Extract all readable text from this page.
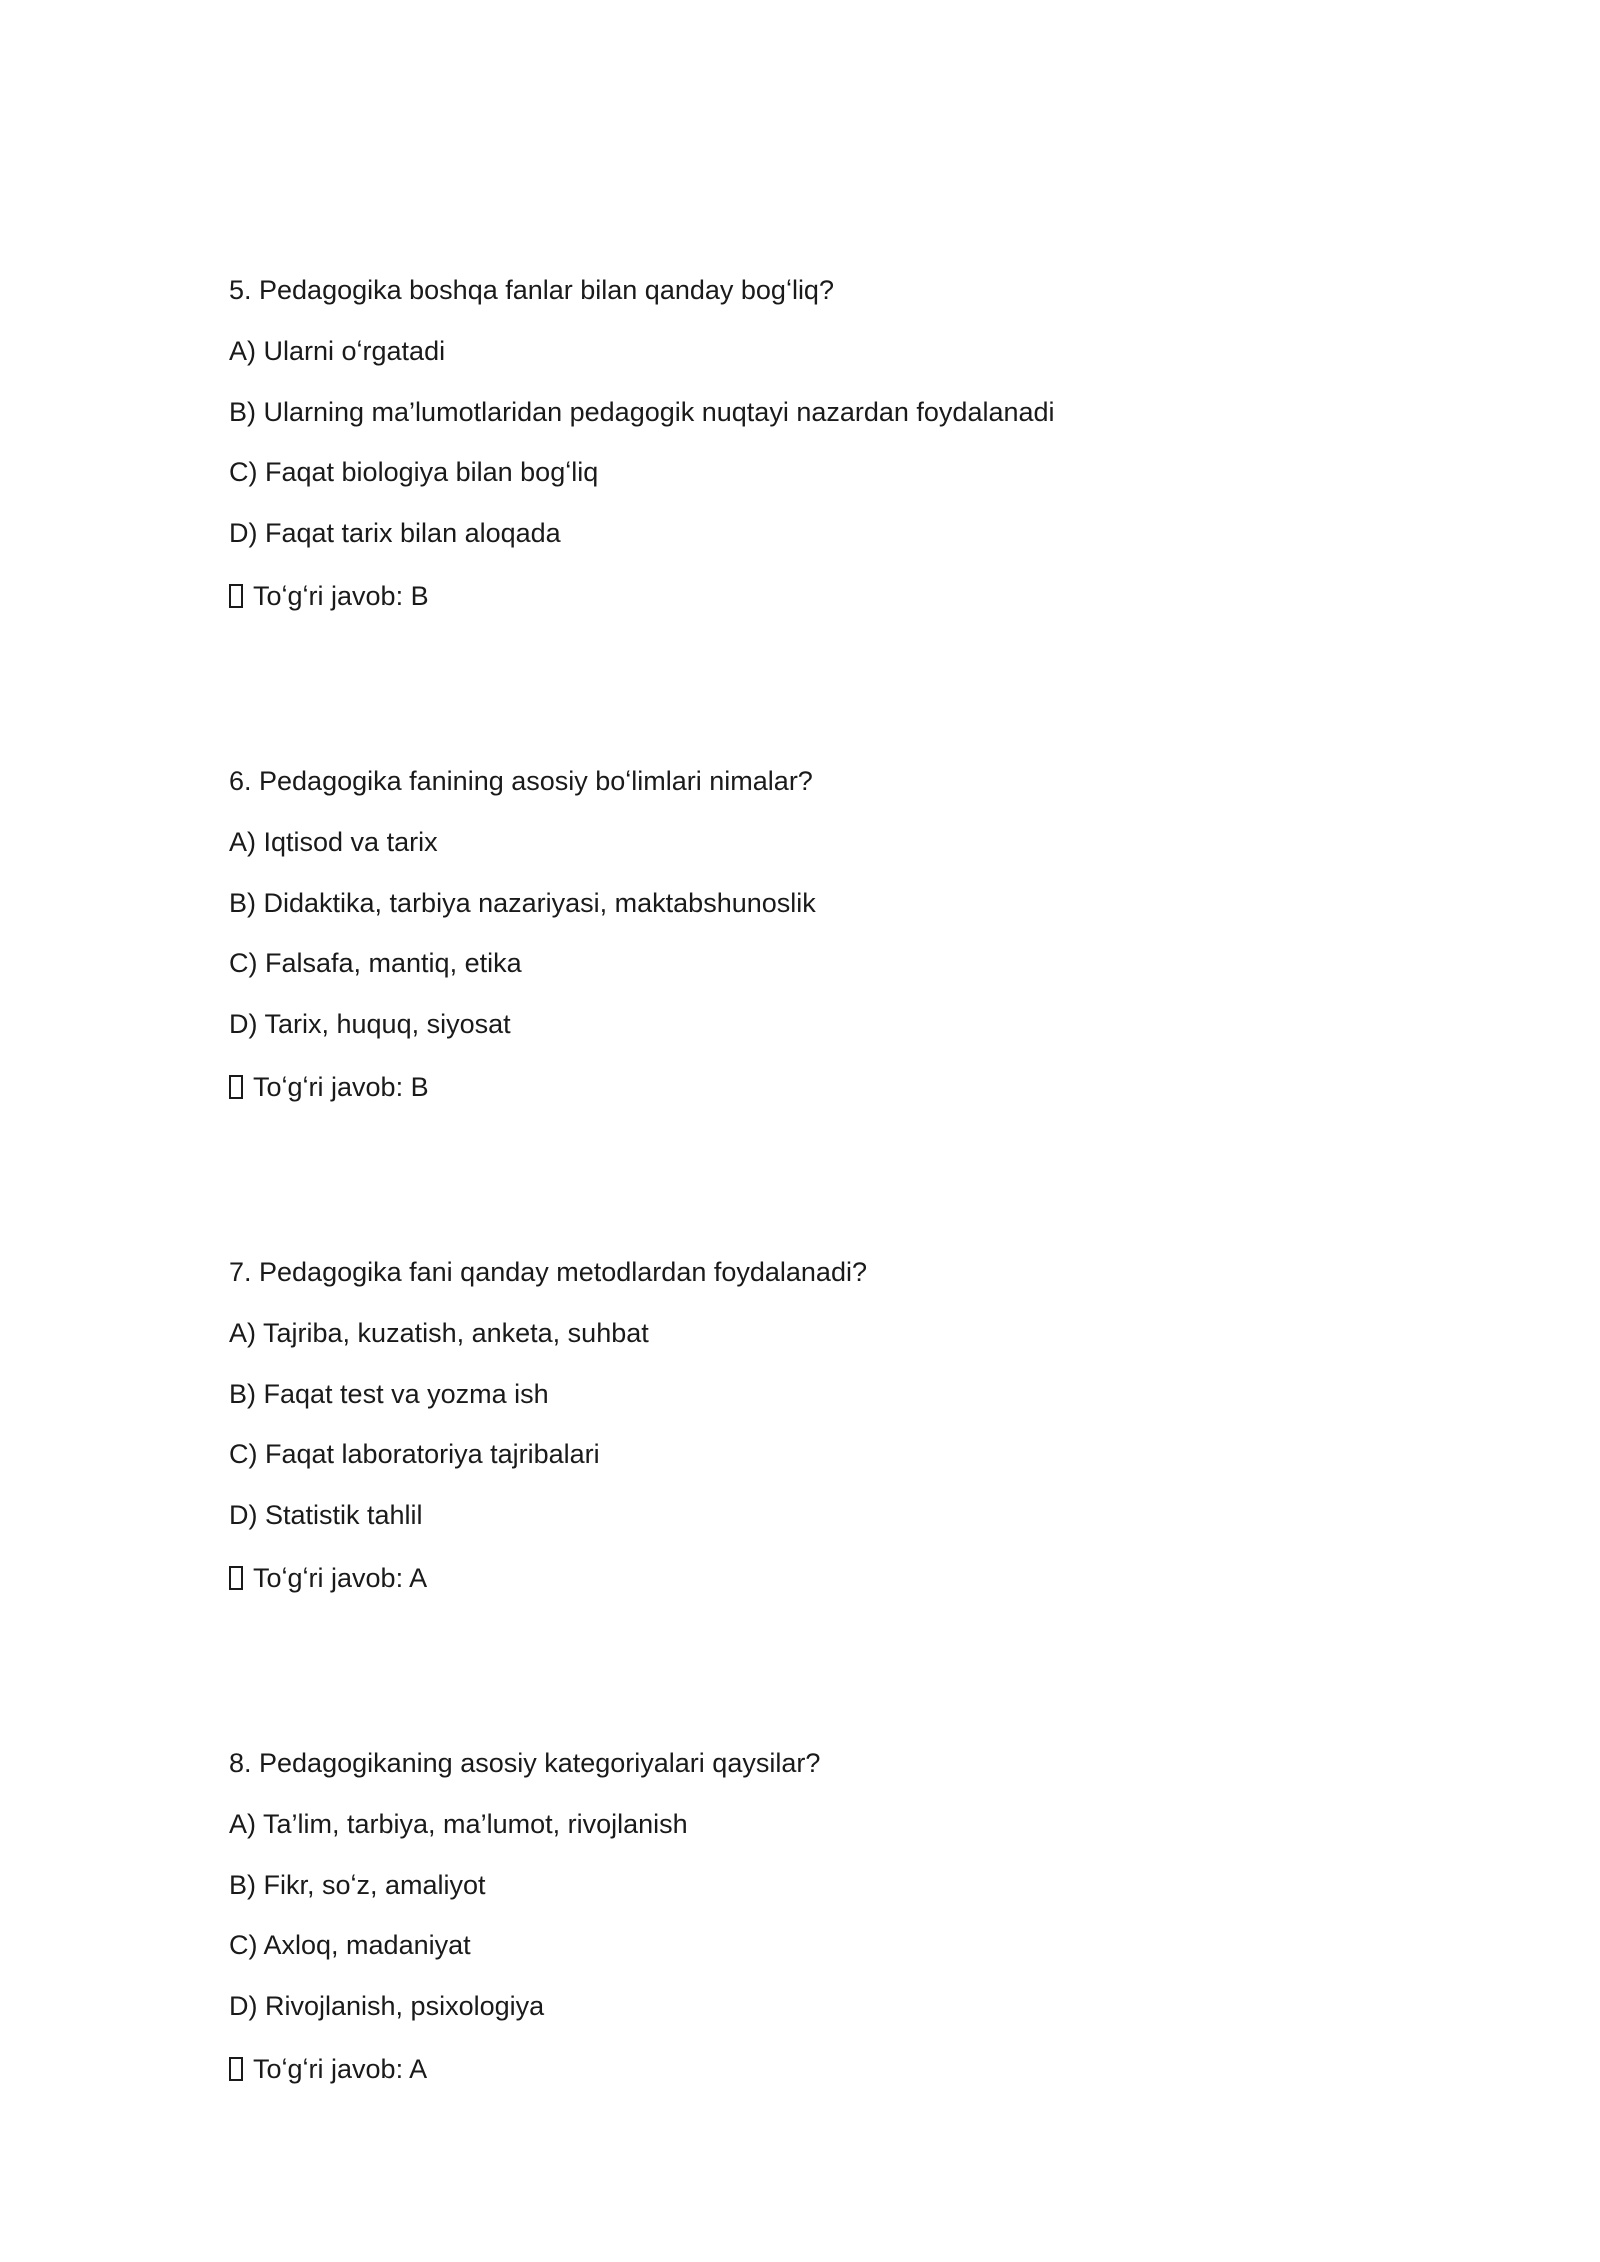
5. Pedagogika boshqa fanlar bilan qanday bogʻliq?
A) Ularni oʻrgatadi
B) Ularning ma’lumotlaridan pedagogik nuqtayi nazardan foydalanadi
C) Faqat biologiya bilan bogʻliq
D) Faqat tarix bilan aloqada
Toʻgʻri javob: B
6. Pedagogika fanining asosiy boʻlimlari nimalar?
A) Iqtisod va tarix
B) Didaktika, tarbiya nazariyasi, maktabshunoslik
C) Falsafa, mantiq, etika
D) Tarix, huquq, siyosat
Toʻgʻri javob: B
7. Pedagogika fani qanday metodlardan foydalanadi?
A) Tajriba, kuzatish, anketa, suhbat
B) Faqat test va yozma ish
C) Faqat laboratoriya tajribalari
D) Statistik tahlil
Toʻgʻri javob: A
8. Pedagogikaning asosiy kategoriyalari qaysilar?
A) Ta’lim, tarbiya, ma’lumot, rivojlanish
B) Fikr, soʻz, amaliyot
C) Axloq, madaniyat
D) Rivojlanish, psixologiya
Toʻgʻri javob: A
